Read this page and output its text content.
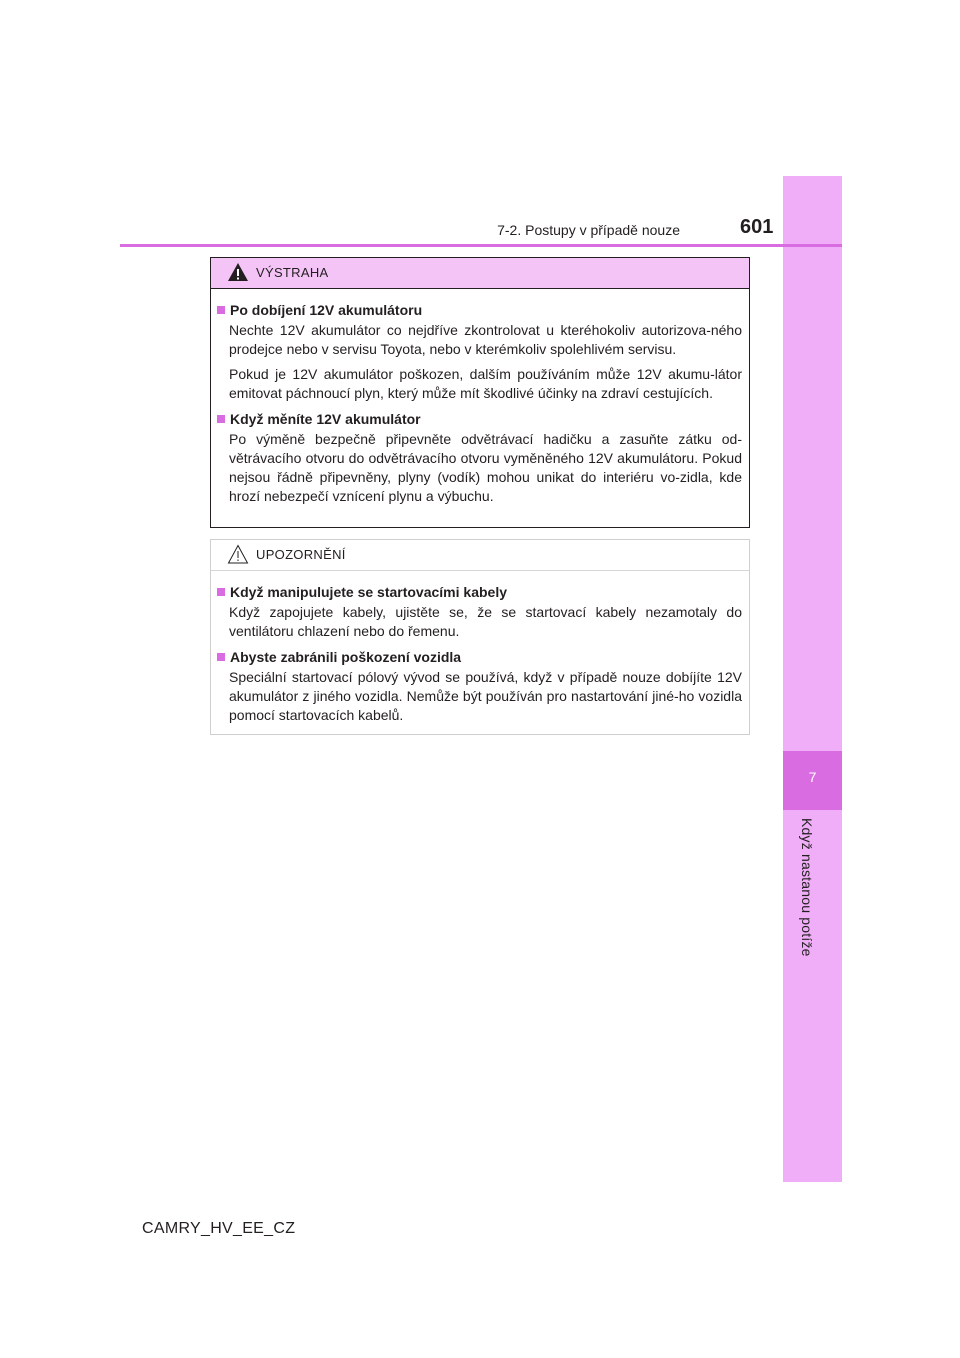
7
Když nastanou potíže
7-2. Postupy v případě nouze	601
VÝSTRAHA
Po dobíjení 12V akumulátoru

Nechte 12V akumulátor co nejdříve zkontrolovat u kteréhokoliv autorizova-ného prodejce nebo v servisu Toyota, nebo v kterémkoliv spolehlivém servisu.

Pokud je 12V akumulátor poškozen, dalším používáním může 12V akumu-látor emitovat páchnoucí plyn, který může mít škodlivé účinky na zdraví cestujících.

Když měníte 12V akumulátor

Po výměně bezpečně připevněte odvětrávací hadičku a zasuňte zátku od-větrávacího otvoru do odvětrávacího otvoru vyměněného 12V akumulátoru. Pokud nejsou řádně připevněny, plyny (vodík) mohou unikat do interiéru vo-zidla, kde hrozí nebezpečí vznícení plynu a výbuchu.

UPOZORNĚNÍ
Když manipulujete se startovacími kabely

Když zapojujete kabely, ujistěte se, že se startovací kabely nezamotaly do ventilátoru chlazení nebo do řemenu.

Abyste zabránili poškození vozidla

Speciální startovací pólový vývod se používá, když v případě nouze dobíjíte 12V akumulátor z jiného vozidla. Nemůže být používán pro nastartování jiné-ho vozidla pomocí startovacích kabelů.

CAMRY_HV_EE_CZ
